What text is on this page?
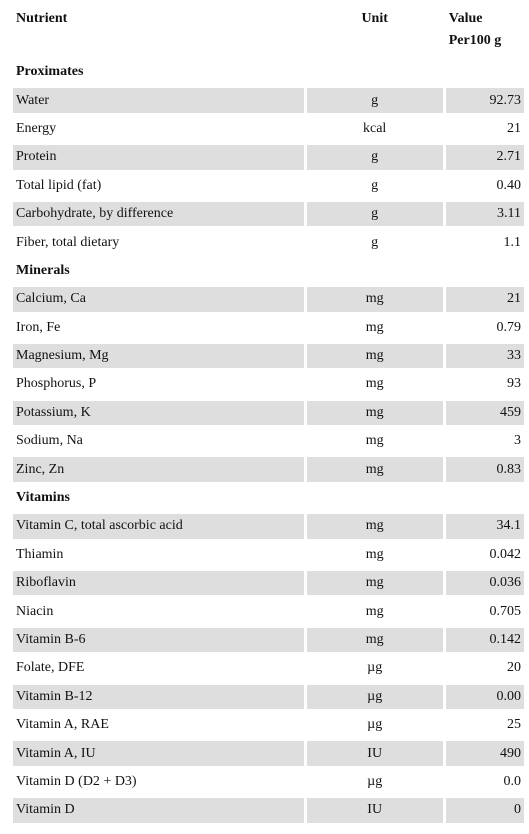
Nutrient	Unit	Value
Per100 g
Proximates		
Water	g	92.73
Energy	kcal	21
Protein	g	2.71
Total lipid (fat)	g	0.40
Carbohydrate, by difference	g	3.11
Fiber, total dietary	g	1.1
Minerals		
Calcium, Ca	mg	21
Iron, Fe	mg	0.79
Magnesium, Mg	mg	33
Phosphorus, P	mg	93
Potassium, K	mg	459
Sodium, Na	mg	3
Zinc, Zn	mg	0.83
Vitamins		
Vitamin C, total ascorbic acid	mg	34.1
Thiamin	mg	0.042
Riboflavin	mg	0.036
Niacin	mg	0.705
Vitamin B-6	mg	0.142
Folate, DFE	µg	20
Vitamin B-12	µg	0.00
Vitamin A, RAE	µg	25
Vitamin A, IU	IU	490
Vitamin D (D2 + D3)	µg	0.0
Vitamin D	IU	0
